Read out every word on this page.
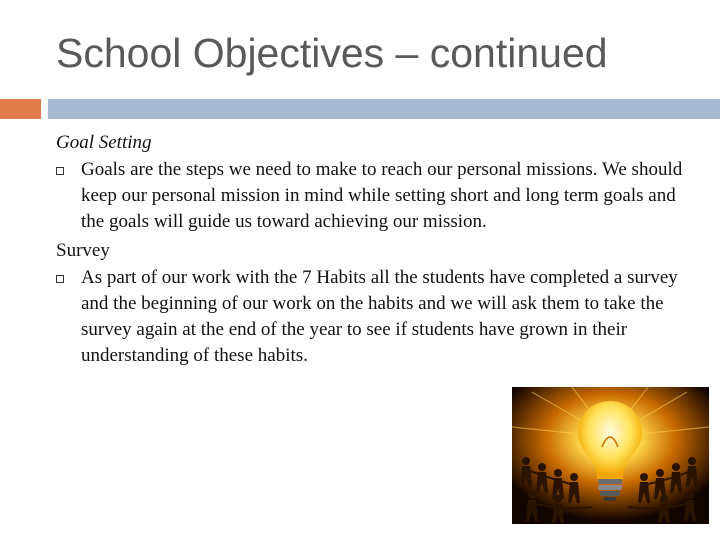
School Objectives – continued
Goal Setting
Goals are the steps we need to make to reach our personal missions. We should keep our personal mission in mind while setting short and long term goals and the goals will guide us toward achieving our mission.
Survey
As part of our work with the 7 Habits all the students have completed a survey and the beginning of our work on the habits and we will ask them to take the survey again at the end of the year to see if students have grown in their understanding of these habits.
